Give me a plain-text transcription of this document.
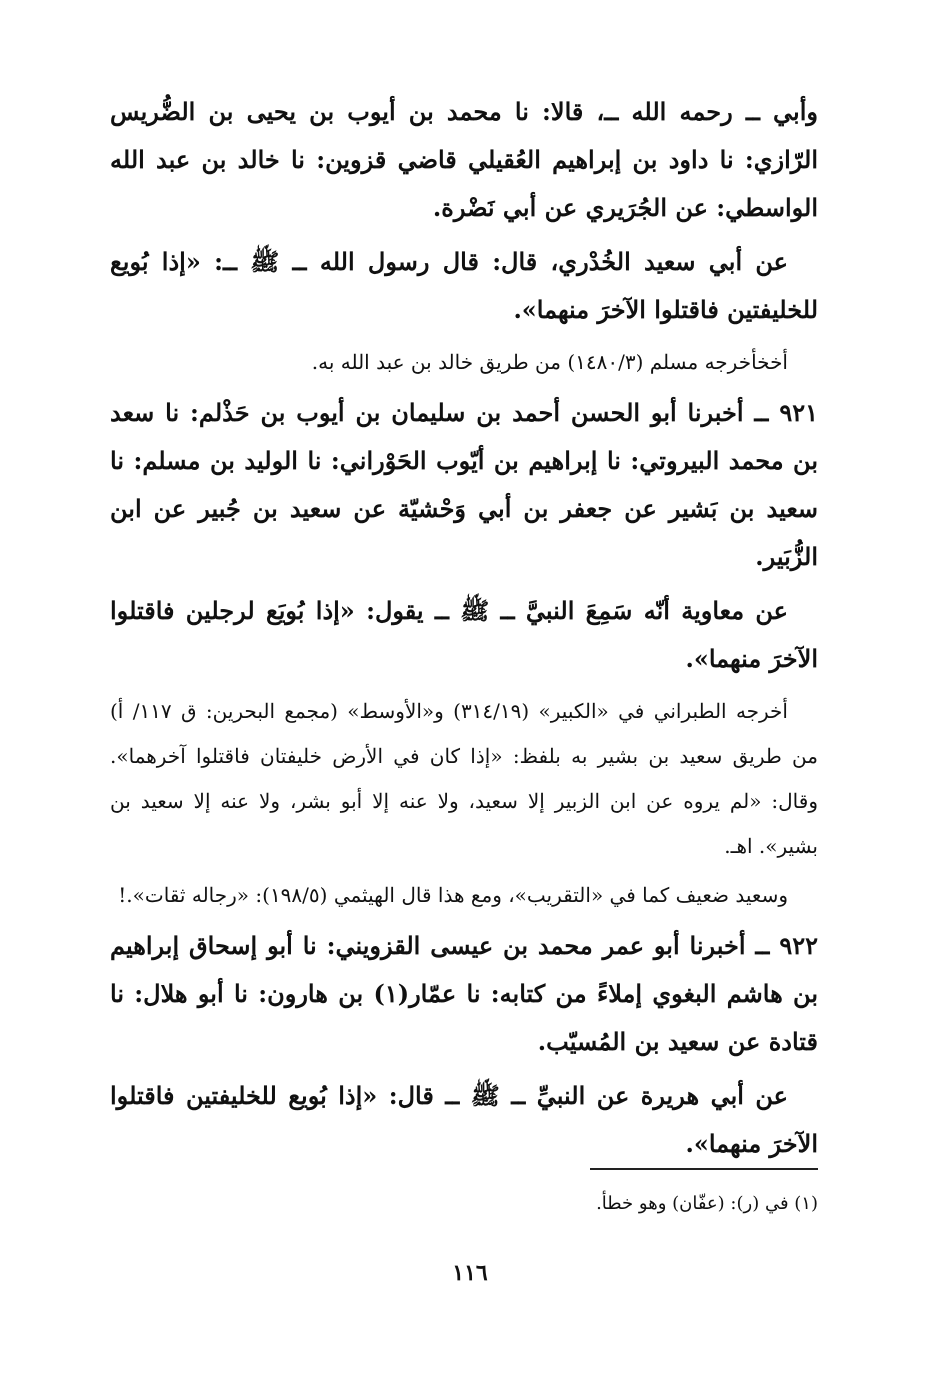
وأبي ــ رحمه الله ــ، قالا: نا محمد بن أيوب بن يحيى بن الضُّريس الرّازي: نا داود بن إبراهيم العُقيلي قاضي قزوين: نا خالد بن عبد الله الواسطي: عن الجُرَيري عن أبي نَضْرة.

عن أبي سعيد الخُدْري، قال: قال رسول الله ــ ﷺ ــ: «إذا بُويع للخليفتين فاقتلوا الآخرَ منهما».

أخخأخرجه مسلم (١٤٨٠/٣) من طريق خالد بن عبد الله به.

٩٢١ ــ أخبرنا أبو الحسن أحمد بن سليمان بن أيوب بن حَذْلم: نا سعد بن محمد البيروتي: نا إبراهيم بن أيّوب الحَوْراني: نا الوليد بن مسلم: نا سعيد بن بَشير عن جعفر بن أبي وَحْشيّة عن سعيد بن جُبير عن ابن الزُّبَير.

عن معاوية أنّه سَمِعَ النبيَّ ــ ﷺ ــ يقول: «إذا بُويَع لرجلين فاقتلوا الآخرَ منهما».

أخرجه الطبراني في «الكبير» (٣١٤/١٩) و«الأوسط» (مجمع البحرين: ق ١١٧/ أ) من طريق سعيد بن بشير به بلفظ: «إذا كان في الأرض خليفتان فاقتلوا آخرهما». وقال: «لم يروه عن ابن الزبير إلا سعيد، ولا عنه إلا أبو بشر، ولا عنه إلا سعيد بن بشير». اهـ.

وسعيد ضعيف كما في «التقريب»، ومع هذا قال الهيثمي (١٩٨/٥): «رجاله ثقات».!

٩٢٢ ــ أخبرنا أبو عمر محمد بن عيسى القزويني: نا أبو إسحاق إبراهيم بن هاشم البغوي إملاءً من كتابه: نا عمّار(١) بن هارون: نا أبو هلال: نا قتادة عن سعيد بن المُسيّب.

عن أبي هريرة عن النبيِّ ــ ﷺ ــ قال: «إذا بُويع للخليفتين فاقتلوا الآخرَ منهما».

(١) في (ر): (عفّان) وهو خطأ.
١١٦
